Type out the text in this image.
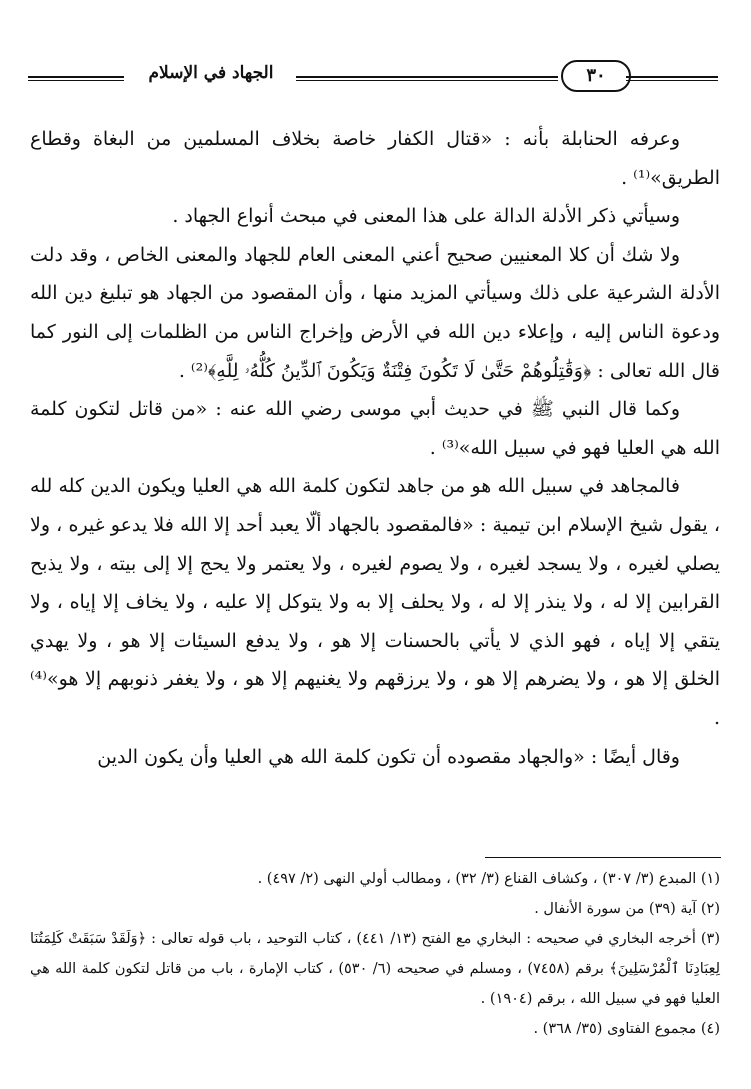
الجهاد في الإسلام	٣٠

وعرفه الحنابلة بأنه : «قتال الكفار خاصة بخلاف المسلمين من البغاة وقطاع الطريق»⁽¹⁾ .

وسيأتي ذكر الأدلة الدالة على هذا المعنى في مبحث أنواع الجهاد .

ولا شك أن كلا المعنيين صحيح أعني المعنى العام للجهاد والمعنى الخاص ، وقد دلت الأدلة الشرعية على ذلك وسيأتي المزيد منها ، وأن المقصود من الجهاد هو تبليغ دين الله ودعوة الناس إليه ، وإعلاء دين الله في الأرض وإخراج الناس من الظلمات إلى النور كما قال الله تعالى : ﴿وَقَٰتِلُوهُمْ حَتَّىٰ لَا تَكُونَ فِتْنَةٌ وَيَكُونَ ٱلدِّينُ كُلُّهُۥ لِلَّهِ﴾⁽²⁾ .

وكما قال النبي ﷺ في حديث أبي موسى رضي الله عنه : «من قاتل لتكون كلمة الله هي العليا فهو في سبيل الله»⁽³⁾ .

فالمجاهد في سبيل الله هو من جاهد لتكون كلمة الله هي العليا ويكون الدين كله لله ، يقول شيخ الإسلام ابن تيمية : «فالمقصود بالجهاد ألّا يعبد أحد إلا الله فلا يدعو غيره ، ولا يصلي لغيره ، ولا يسجد لغيره ، ولا يصوم لغيره ، ولا يعتمر ولا يحج إلا إلى بيته ، ولا يذبح القرابين إلا له ، ولا ينذر إلا له ، ولا يحلف إلا به ولا يتوكل إلا عليه ، ولا يخاف إلا إياه ، ولا يتقي إلا إياه ، فهو الذي لا يأتي بالحسنات إلا هو ، ولا يدفع السيئات إلا هو ، ولا يهدي الخلق إلا هو ، ولا يضرهم إلا هو ، ولا يرزقهم ولا يغنيهم إلا هو ، ولا يغفر ذنوبهم إلا هو»⁽⁴⁾ .

وقال أيضًا : «والجهاد مقصوده أن تكون كلمة الله هي العليا وأن يكون الدين

(١) المبدع (٣/ ٣٠٧) ، وكشاف القناع (٣/ ٣٢) ، ومطالب أولي النهى (٢/ ٤٩٧) .

(٢) آية (٣٩) من سورة الأنفال .

(٣) أخرجه البخاري في صحيحه : البخاري مع الفتح (١٣/ ٤٤١) ، كتاب التوحيد ، باب قوله تعالى : ﴿وَلَقَدْ سَبَقَتْ كَلِمَتُنَا لِعِبَادِنَا ٱلْمُرْسَلِينَ﴾ برقم (٧٤٥٨) ، ومسلم في صحيحه (٦/ ٥٣٠) ، كتاب الإمارة ، باب من قاتل لتكون كلمة الله هي العليا فهو في سبيل الله ، برقم (١٩٠٤) .

(٤) مجموع الفتاوى (٣٥/ ٣٦٨) .
